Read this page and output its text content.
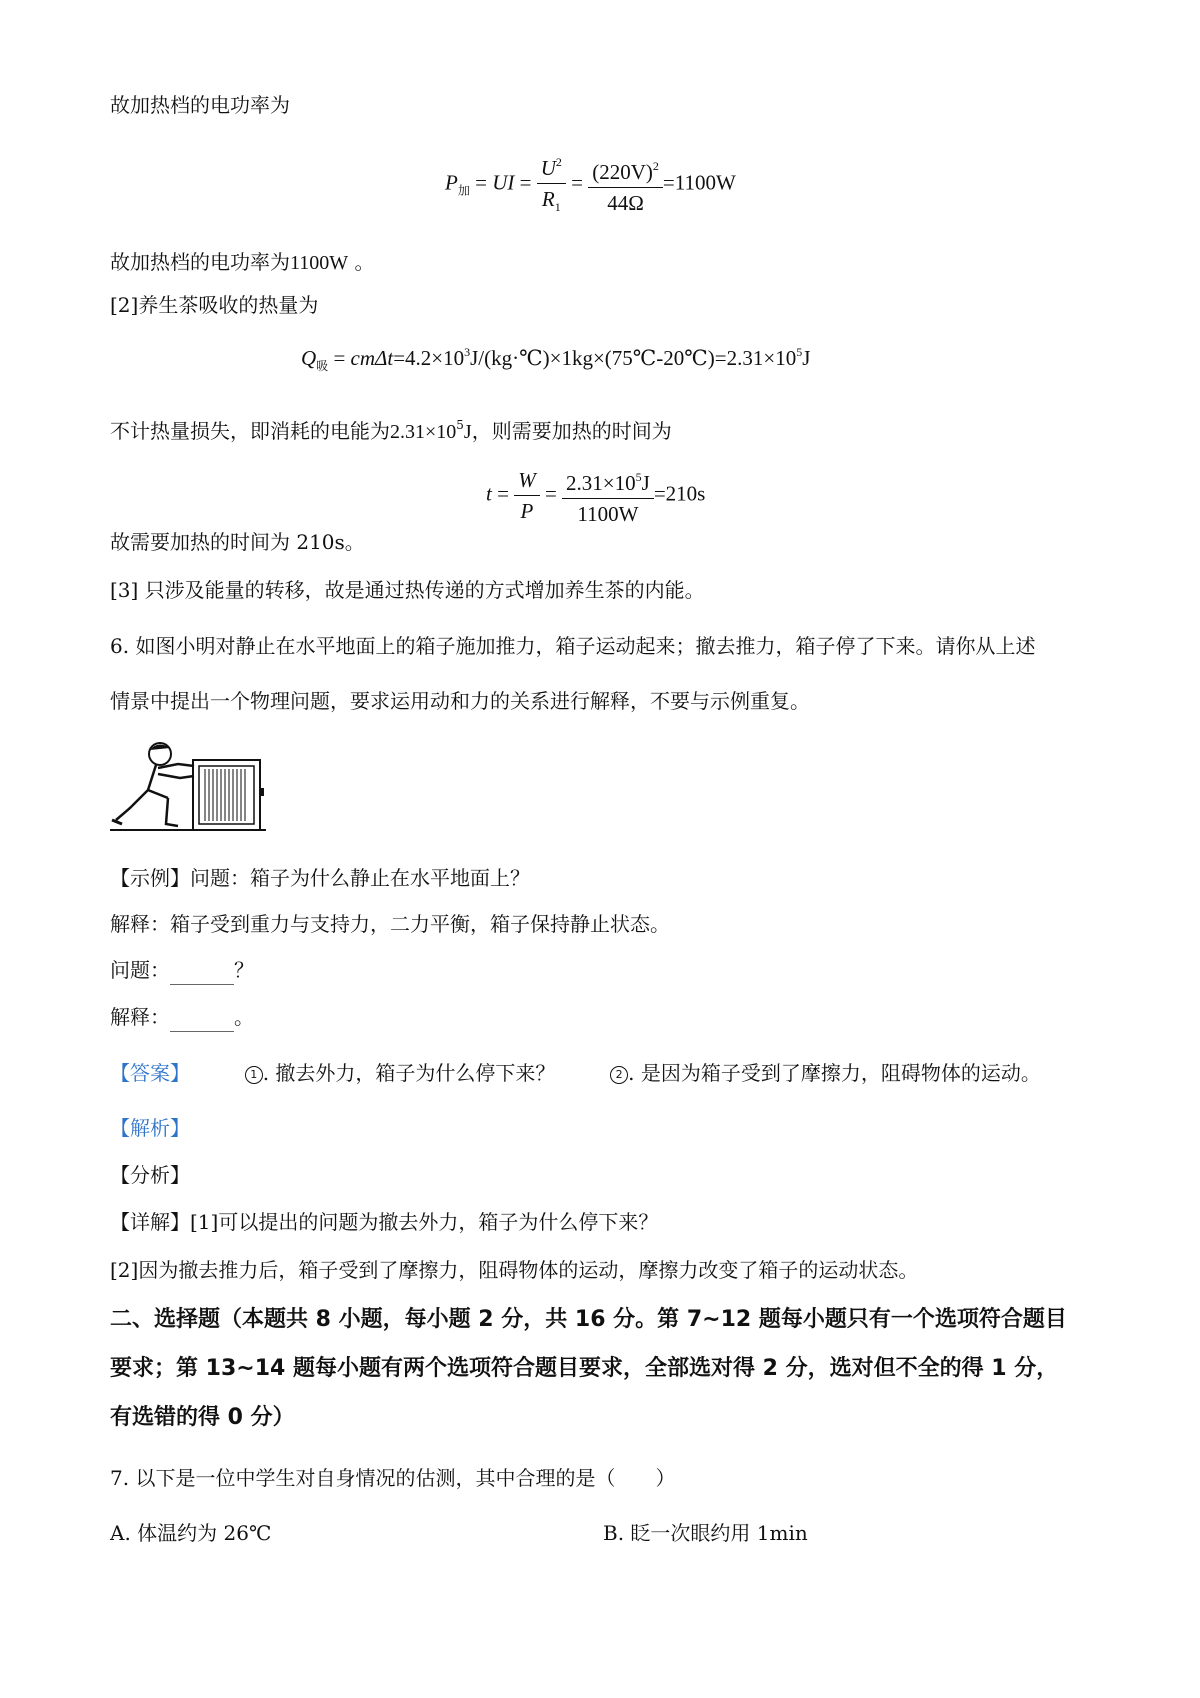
故加热档的电功率为
$P_加$ = UI = $\frac{U^2}{R_1} = \frac{(220V)^2}{44\Omega} =1100W$
故加热档的电功率为1100W 。
[2]养生茶吸收的热量为
$Q_吸$ = $cm\Delta t=4.2\times 10^3J/(kg\cdot℃)\times 1kg\times(75℃-20℃)=2.31\times 10^5J$
不计热量损失，即消耗的电能为$2.31\times 10^5J$，则需要加热的时间为
$t = \frac{W}{P} = \frac{2.31\times 10^5J}{1100W} =210s$
故需要加热的时间为 210s。
[3] 只涉及能量的转移，故是通过热传递的方式增加养生茶的内能。
6. 如图小明对静止在水平地面上的箱子施加推力，箱子运动起来；撤去推力，箱子停了下来。请你从上述
情景中提出一个物理问题，要求运用动和力的关系进行解释，不要与示例重复。
【示例】问题：箱子为什么静止在水平地面上？
解释：箱子受到重力与支持力，二力平衡，箱子保持静止状态。
问题：	？
解释：	。
【答案】	1 . 撤去外力，箱子为什么停下来？	2 . 是因为箱子受到了摩擦力，阻碍物体的运动。
【解析】
【分析】
【详解】[1]可以提出的问题为撤去外力，箱子为什么停下来？
[2]因为撤去推力后，箱子受到了摩擦力，阻碍物体的运动，摩擦力改变了箱子的运动状态。
二、选择题（本题共 8 小题，每小题 2 分，共 16 分。第 7~12 题每小题只有一个选项符合题目
要求；第 13~14 题每小题有两个选项符合题目要求，全部选对得 2 分，选对但不全的得 1 分，
有选错的得 0 分）
7. 以下是一位中学生对自身情况的估测，其中合理的是（　　）
A. 体温约为 26℃	B. 眨一次眼约用 1min
